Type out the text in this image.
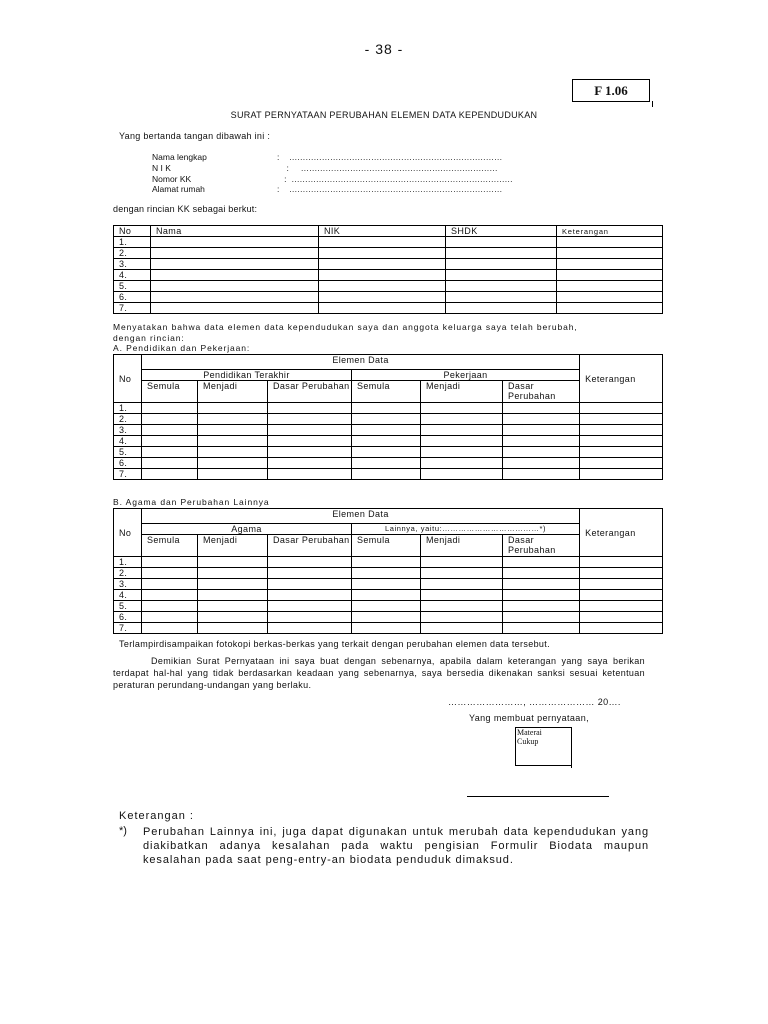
- 38 -
F 1.06
SURAT PERNYATAAN PERUBAHAN ELEMEN DATA KEPENDUDUKAN
Yang bertanda tangan dibawah ini :
Nama lengkap	: ……………………………………………………………………
N I K	: ………………………………………………………………
Nomor KK	: ………………………………………………………………………
Alamat rumah	: ……………………………………………………………………
dengan rincian KK sebagai berkut:
No	Nama	NIK	SHDK	Keterangan
1.				
2.				
3.				
4.				
5.				
6.				
7.				
Menyatakan bahwa data elemen data kependudukan saya dan anggota keluarga saya telah berubah,
dengan rincian:
A. Pendidikan dan Pekerjaan:
No	Elemen Data						Keterangan
	Pendidikan Terakhir			Pekerjaan			
	Semula	Menjadi	Dasar Perubahan	Semula	Menjadi	Dasar Perubahan	
1.							
2.							
3.							
4.							
5.							
6.							
7.							
B. Agama dan Perubahan Lainnya
No	Elemen Data						Keterangan
	Agama			Lainnya, yaitu:………………………………*)			
	Semula	Menjadi	Dasar Perubahan	Semula	Menjadi	Dasar Perubahan	
1.							
2.							
3.							
4.							
5.							
6.							
7.							
Terlampirdisampaikan fotokopi berkas-berkas yang terkait dengan perubahan elemen data tersebut.
Demikian Surat Pernyataan ini saya buat dengan sebenarnya, apabila dalam keterangan yang saya berikan terdapat hal-hal yang tidak berdasarkan keadaan yang sebenarnya, saya bersedia dikenakan sanksi sesuai ketentuan peraturan perundang-undangan yang berlaku.
……………………, ………………… 20….
Yang membuat pernyataan,
Materai
Cukup
Keterangan :
*) Perubahan Lainnya ini, juga dapat digunakan untuk merubah data kependudukan yang diakibatkan adanya kesalahan pada waktu pengisian Formulir Biodata maupun kesalahan pada saat peng-entry-an biodata penduduk dimaksud.
